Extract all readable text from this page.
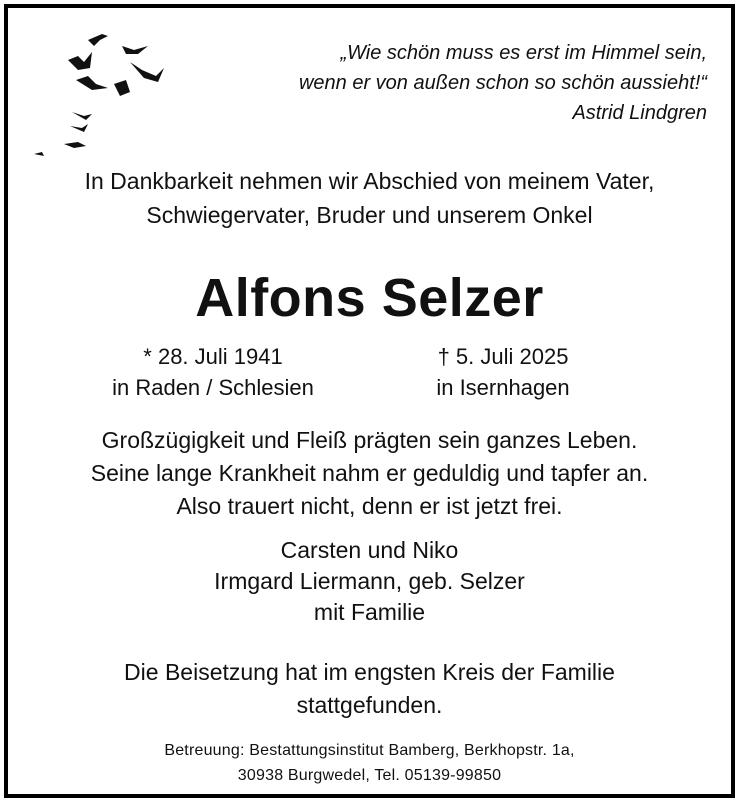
„Wie schön muss es erst im Himmel sein,
wenn er von außen schon so schön aussieht!“
Astrid Lindgren
In Dankbarkeit nehmen wir Abschied von meinem Vater,
Schwiegervater, Bruder und unserem Onkel
Alfons Selzer
* 28. Juli 1941
in Raden / Schlesien
† 5. Juli 2025
in Isernhagen
Großzügigkeit und Fleiß prägten sein ganzes Leben.
Seine lange Krankheit nahm er geduldig und tapfer an.
Also trauert nicht, denn er ist jetzt frei.
Carsten und Niko
Irmgard Liermann, geb. Selzer
mit Familie
Die Beisetzung hat im engsten Kreis der Familie
stattgefunden.
Betreuung: Bestattungsinstitut Bamberg, Berkhopstr. 1a,
30938 Burgwedel, Tel. 05139-99850
